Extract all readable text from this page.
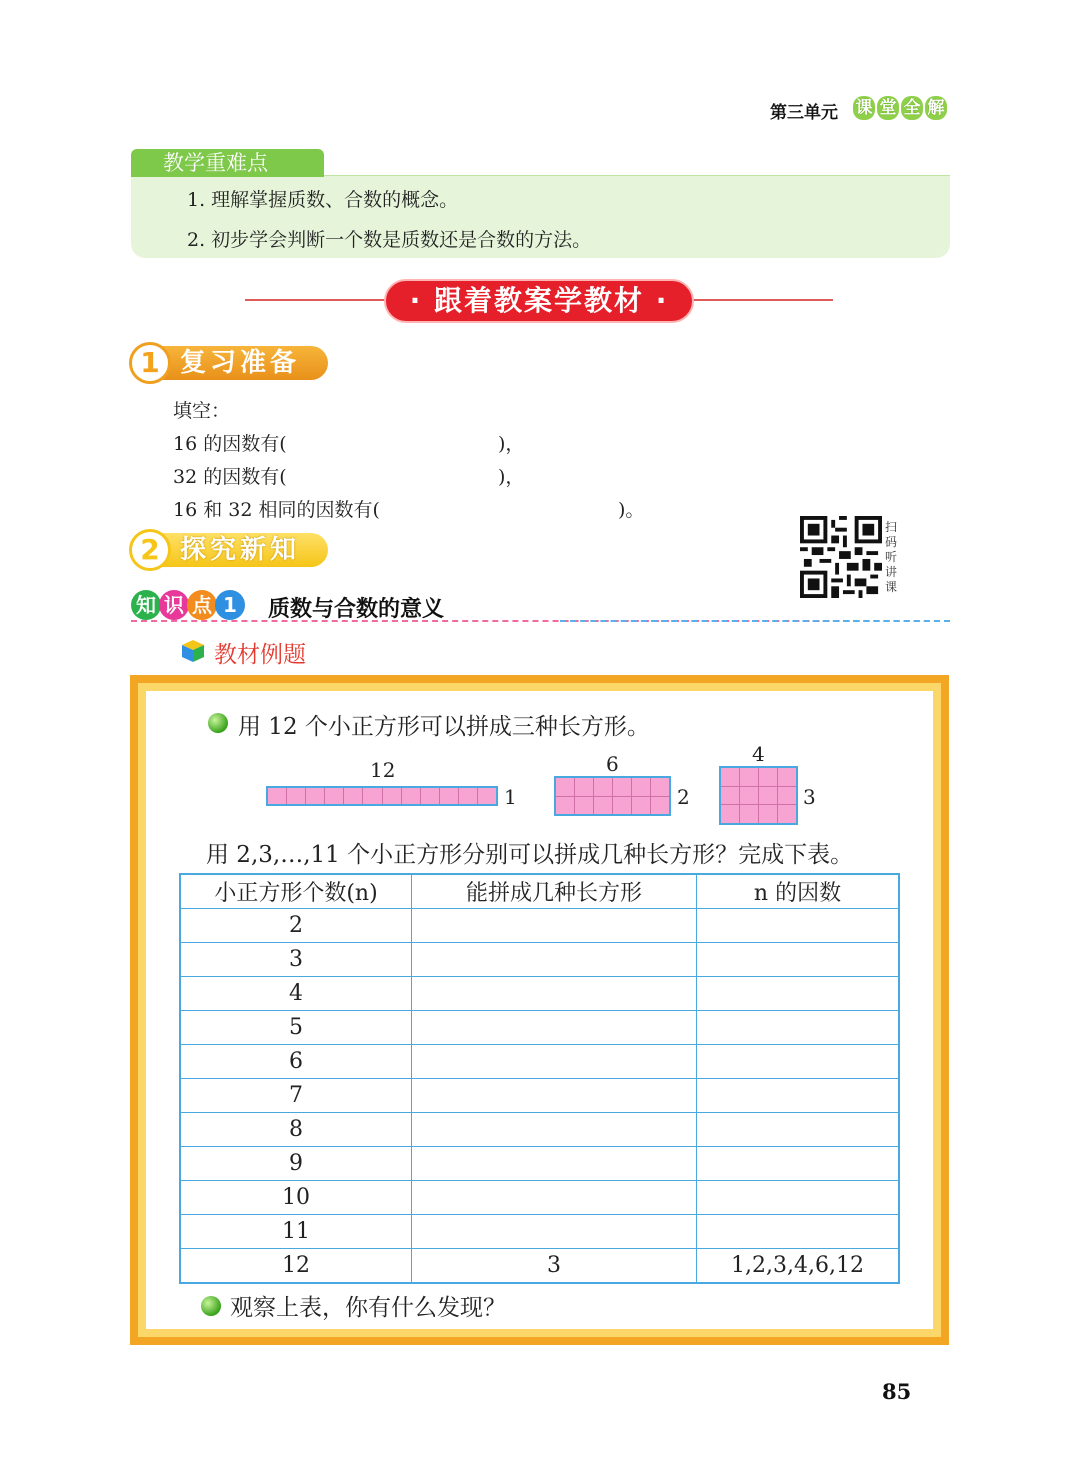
第三单元 课 堂 全 解
教学重难点
1. 理解掌握质数、合数的概念。
2. 初步学会判断一个数是质数还是合数的方法。
· 跟着教案学教材 ·
复习准备
1
填空：
16 的因数有(	)，
32 的因数有(	)，
16 和 32 相同的因数有(	)。
扫
码
听
讲
课
探究新知
2
知 识 点 1	质数与合数的意义
教材例题
用 12 个小正方形可以拼成三种长方形。
12
1
6
2
4
3
用 2,3,…,11 个小正方形分别可以拼成几种长方形？完成下表。
小正方形个数(n)	能拼成几种长方形	n 的因数
2		
3		
4		
5		
6		
7		
8		
9		
10		
11		
12	3	1,2,3,4,6,12
观察上表，你有什么发现？
85
